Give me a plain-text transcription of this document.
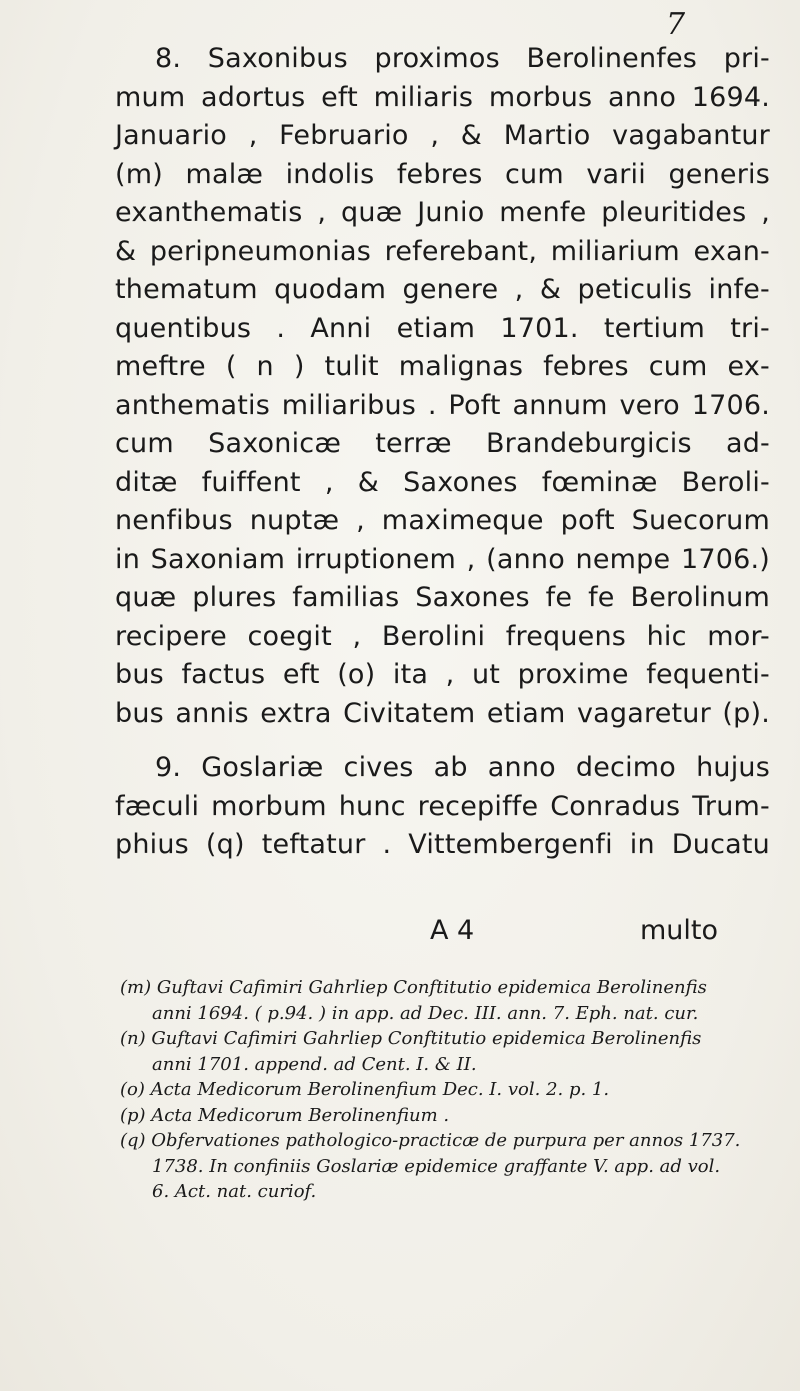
7
8. Saxonibus proximos Berolinenfes pri-
mum adortus eft miliaris morbus anno 1694.
Januario , Februario , & Martio vagabantur
(m) malæ indolis febres cum varii generis
exanthematis , quæ Junio menfe pleuritides ,
& peripneumonias referebant, miliarium exan-
thematum quodam genere , & peticulis infe-
quentibus . Anni etiam 1701. tertium tri-
meftre ( n ) tulit malignas febres cum ex-
anthematis miliaribus . Poft annum vero 1706.
cum Saxonicæ terræ Brandeburgicis ad-
ditæ fuiffent , & Saxones fœminæ Beroli-
nenfibus nuptæ , maximeque poft Suecorum
in Saxoniam irruptionem , (anno nempe 1706.)
quæ plures familias Saxones fe fe Berolinum
recipere coegit , Berolini frequens hic mor-
bus factus eft (o) ita , ut proxime fequenti-
bus annis extra Civitatem etiam vagaretur (p).
9. Goslariæ cives ab anno decimo hujus
fæculi morbum hunc recepiffe Conradus Trum-
phius (q) teftatur . Vittembergenfi in Ducatu
A 4	multo
(m) Guftavi Cafimiri Gahrliep Conftitutio epidemica Berolinenfis
anni 1694. ( p.94. ) in app. ad Dec. III. ann. 7. Eph. nat. cur.
(n) Guftavi Cafimiri Gahrliep Conftitutio epidemica Berolinenfis
anni 1701. append. ad Cent. I. & II.
(o) Acta Medicorum Berolinenfium Dec. I. vol. 2. p. 1.
(p) Acta Medicorum Berolinenfium .
(q) Obfervationes pathologico-practicæ de purpura per annos 1737.
1738. In confiniis Goslariæ epidemice graffante V. app. ad vol.
6. Act. nat. curiof.
